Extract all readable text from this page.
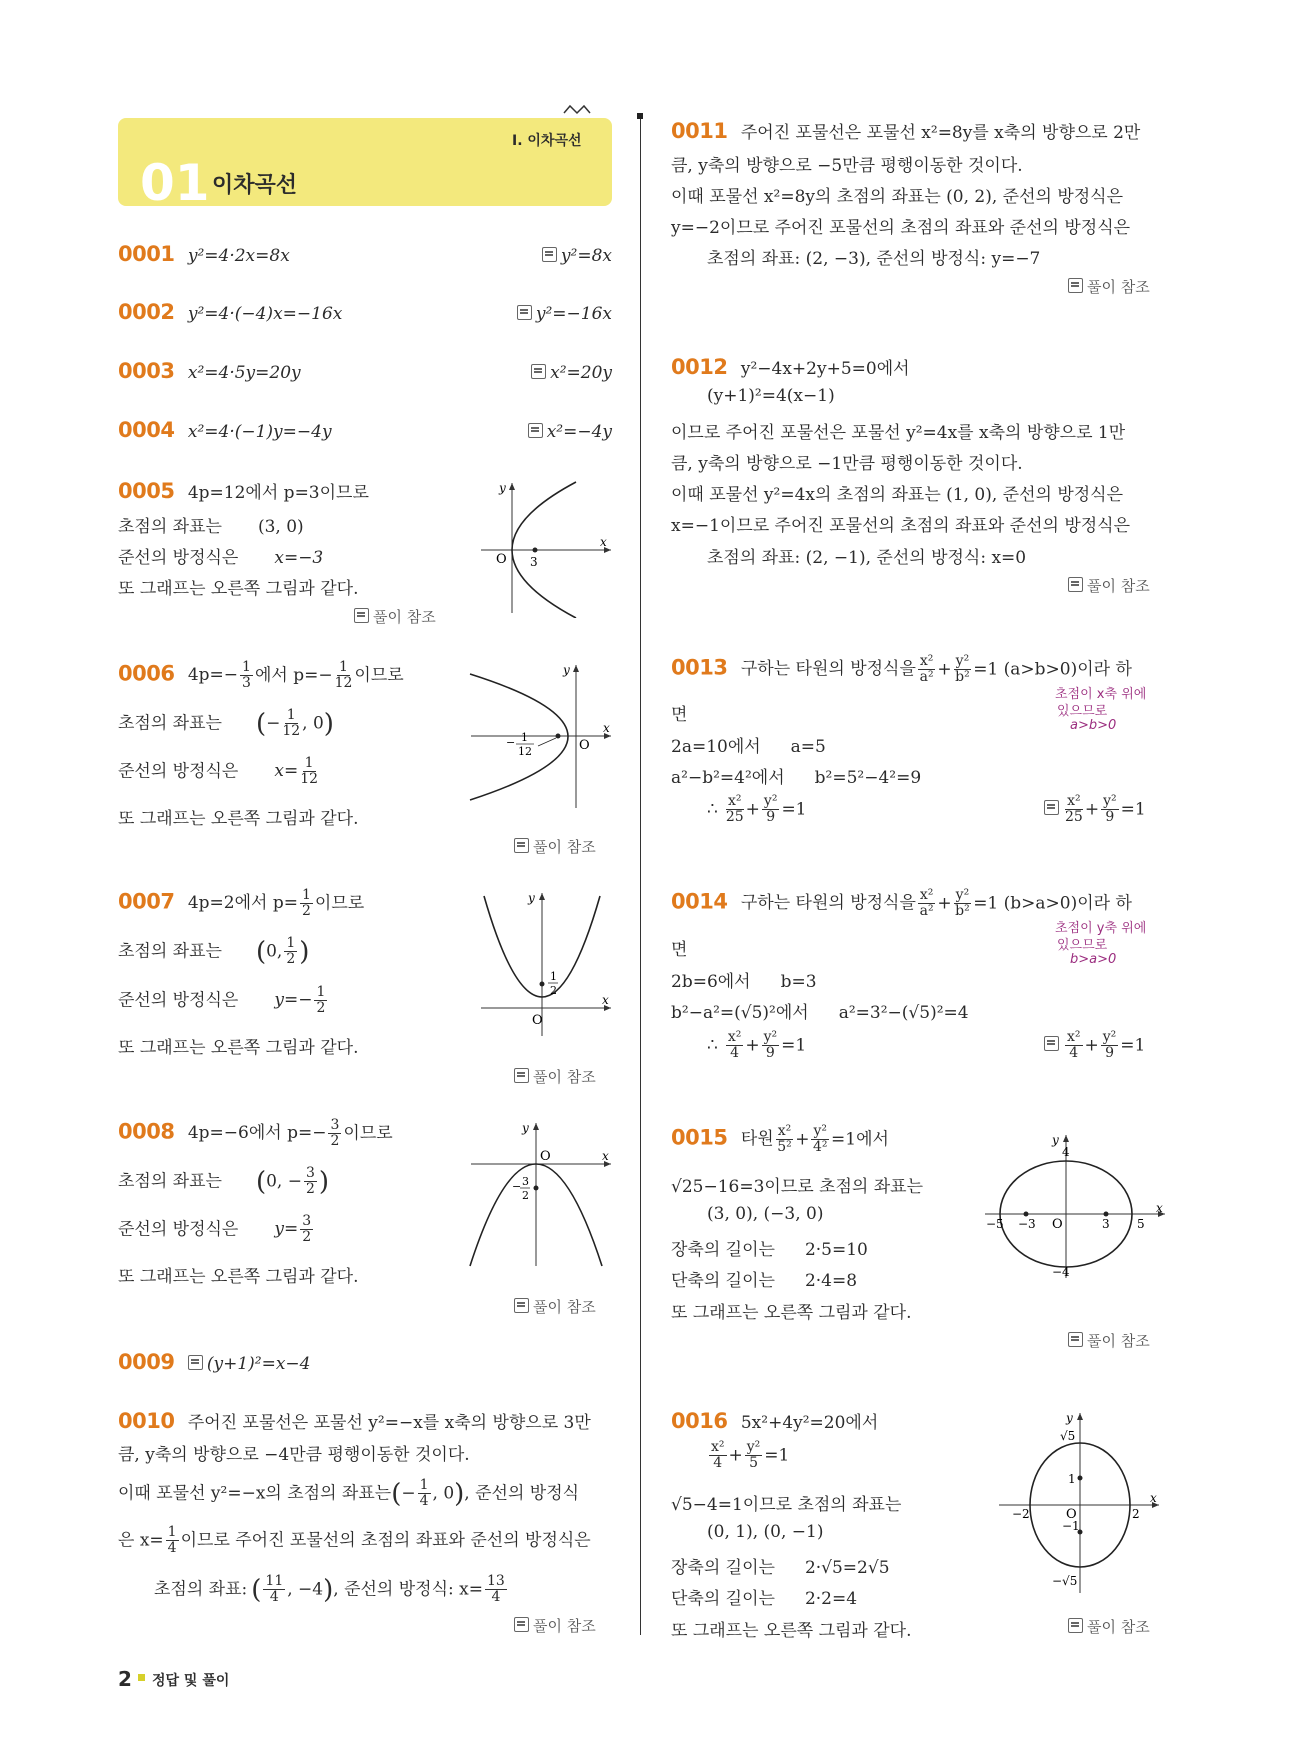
Ⅰ. 이차곡선
01 이차곡선
0001 y²=4·2x=8x	y²=8x
0002 y²=4·(−4)x=−16x	y²=−16x
0003 x²=4·5y=20y	x²=20y
0004 x²=4·(−1)y=−4y	x²=−4y
0005 4p=12에서 p=3이므로
초점의 좌표는 (3, 0)
준선의 방정식은 x=−3
또 그래프는 오른쪽 그림과 같다.
풀이 참조
O 3
x
y
0006 $4p=- \frac{1}{3}$ 에서 $p=- \frac{1}{12}$ 이므로
초점의 좌표는 (− $\frac{1}{12}$ , 0)
준선의 방정식은 $x= \frac{1}{12}$
또 그래프는 오른쪽 그림과 같다.
풀이 참조
− 1
12	O
x
y
0007 4p=2에서 $p= \frac{1}{2}$ 이므로
초점의 좌표는 (0, $\frac{1}{2}$ )
준선의 방정식은 $y=- \frac{1}{2}$
또 그래프는 오른쪽 그림과 같다.
풀이 참조
1
2
O
x
y
0008 4p=−6에서 $p=- \frac{3}{2}$ 이므로
초점의 좌표는 (0, − $\frac{3}{2}$ )
준선의 방정식은 $y= \frac{3}{2}$
또 그래프는 오른쪽 그림과 같다.
풀이 참조
O
− 3
2
x
y
0009 (y+1)²=x−4
0010 주어진 포물선은 포물선 y²=−x를 x축의 방향으로 3만
큼, y축의 방향으로 −4만큼 평행이동한 것이다.
이때 포물선 y²=−x의 초점의 좌표는(− $\frac{1}{4}$ , 0), 준선의 방정식
은 $x= \frac{1}{4}$ 이므로 주어진 포물선의 초점의 좌표와 준선의 방정식은
초점의 좌표: ( $\frac{11}{4}$ , −4), 준선의 방정식: $x= \frac{13}{4}$
풀이 참조
0011 주어진 포물선은 포물선 x²=8y를 x축의 방향으로 2만
큼, y축의 방향으로 −5만큼 평행이동한 것이다.
이때 포물선 x²=8y의 초점의 좌표는 (0, 2), 준선의 방정식은
y=−2이므로 주어진 포물선의 초점의 좌표와 준선의 방정식은
초점의 좌표: (2, −3), 준선의 방정식: y=−7
풀이 참조
0012 y²−4x+2y+5=0에서
(y+1)²=4(x−1)
이므로 주어진 포물선은 포물선 y²=4x를 x축의 방향으로 1만
큼, y축의 방향으로 −1만큼 평행이동한 것이다.
이때 포물선 y²=4x의 초점의 좌표는 (1, 0), 준선의 방정식은
x=−1이므로 주어진 포물선의 초점의 좌표와 준선의 방정식은
초점의 좌표: (2, −1), 준선의 방정식: x=0
풀이 참조
0013 구하는 타원의 방정식을 $\frac{\text{x²}}{\text{a²}} + \frac{\text{y²}}{\text{b²}} =1$ (a>b>0)이라 하
초점이 x축 위에
있으므로
a>b>0
면
2a=10에서 a=5
a²−b²=4²에서 b²=5²−4²=9
∴ $\frac{\text{x²}}{25} + \frac{\text{y²}}{9} =1$	$\frac{\text{x²}}{25} + \frac{\text{y²}}{9} =1$
0014 구하는 타원의 방정식을 $\frac{\text{x²}}{\text{a²}} + \frac{\text{y²}}{\text{b²}} =1$ (b>a>0)이라 하
초점이 y축 위에
있으므로
b>a>0
면
2b=6에서 b=3
b²−a²=(√5)²에서 a²=3²−(√5)²=4
∴ $\frac{\text{x²}}{4} + \frac{\text{y²}}{9} =1$	$\frac{\text{x²}}{4} + \frac{\text{y²}}{9} =1$
0015 타원 $\frac{\text{x²}}{\text{5²}} + \frac{\text{y²}}{\text{4²}} =1$에서
√25−16=3이므로 초점의 좌표는
(3, 0), (−3, 0)
장축의 길이는 2·5=10
단축의 길이는 2·4=8
또 그래프는 오른쪽 그림과 같다.
풀이 참조
4
−4
−5 −3 O	3 5
x
y
0016 5x²+4y²=20에서
$\frac{\text{x²}}{4} + \frac{\text{y²}}{5} =1$
√5−4=1이므로 초점의 좌표는
(0, 1), (0, −1)
장축의 길이는 2·√5=2√5
단축의 길이는 2·2=4
또 그래프는 오른쪽 그림과 같다.	풀이 참조
√5
−√5
1
−1
−2	O	2
x
y
2 정답 및 풀이
